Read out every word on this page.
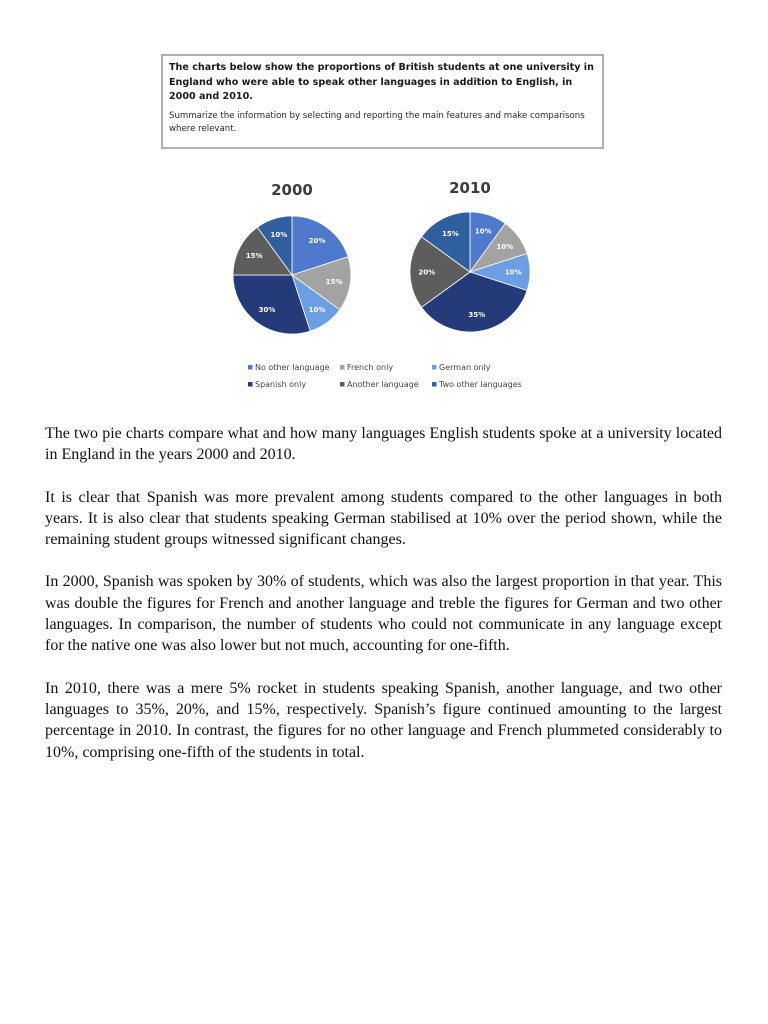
The charts below show the proportions of British students at one university in England who were able to speak other languages in addition to English, in 2000 and 2010.

Summarize the information by selecting and reporting the main features and make comparisons where relevant.

2000
20%
15%
10%
30%
15%
10%
2010
10%
10%
10%
35%
20%
15%
No other language French only	German only
Spanish only	Another language	Two other languages

The two pie charts compare what and how many languages English students spoke at a university located in England in the years 2000 and 2010.

It is clear that Spanish was more prevalent among students compared to the other languages in both years. It is also clear that students speaking German stabilised at 10% over the period shown, while the remaining student groups witnessed significant changes.

In 2000, Spanish was spoken by 30% of students, which was also the largest proportion in that year. This was double the figures for French and another language and treble the figures for German and two other languages. In comparison, the number of students who could not communicate in any language except for the native one was also lower but not much, accounting for one-fifth.

In 2010, there was a mere 5% rocket in students speaking Spanish, another language, and two other languages to 35%, 20%, and 15%, respectively. Spanish’s figure continued amounting to the largest percentage in 2010. In contrast, the figures for no other language and French plummeted considerably to 10%, comprising one-fifth of the students in total.
